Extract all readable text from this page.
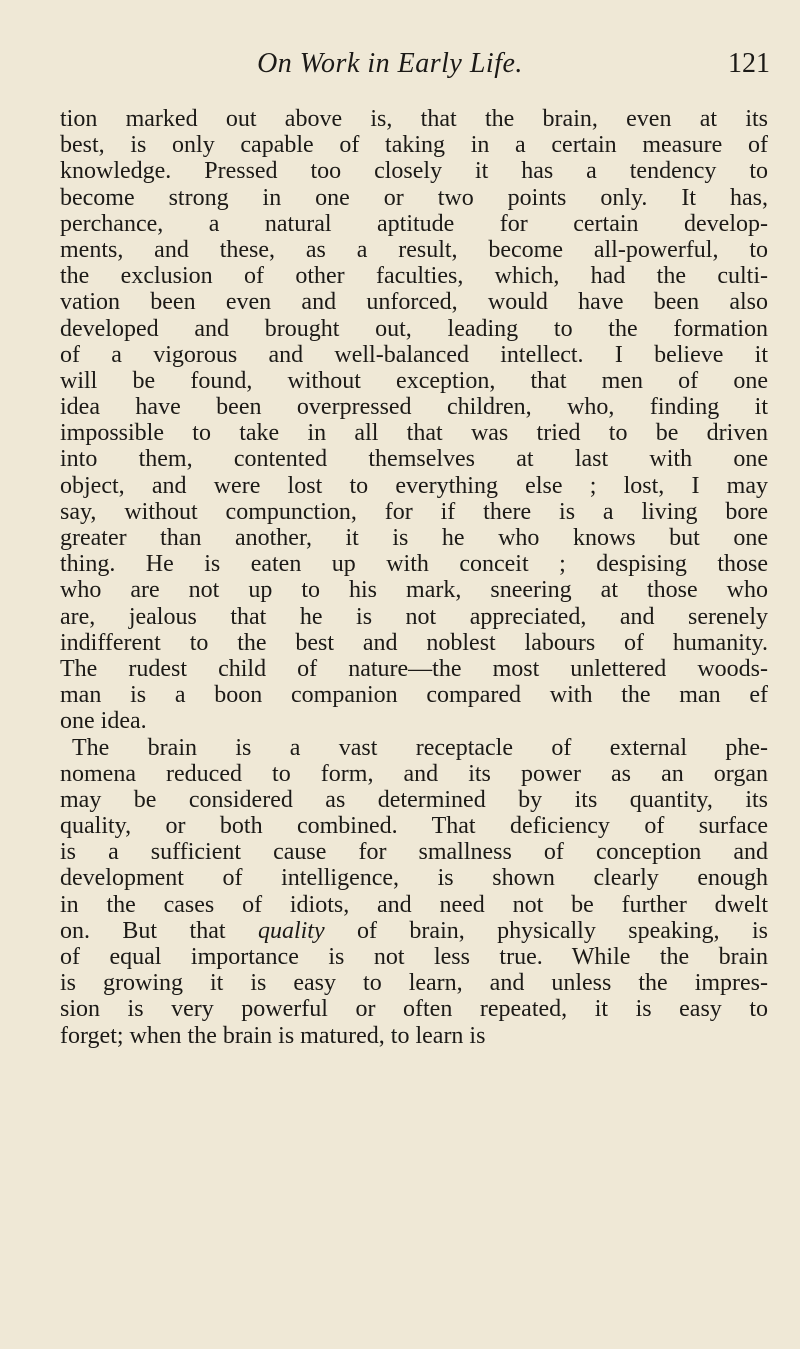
On Work in Early Life.	121
tion marked out above is, that the brain, even at its
best, is only capable of taking in a certain measure of
knowledge. Pressed too closely it has a tendency to
become strong in one or two points only. It has,
perchance, a natural aptitude for certain develop-
ments, and these, as a result, become all-powerful, to
the exclusion of other faculties, which, had the culti-
vation been even and unforced, would have been also
developed and brought out, leading to the formation
of a vigorous and well-balanced intellect. I believe it
will be found, without exception, that men of one
idea have been overpressed children, who, finding it
impossible to take in all that was tried to be driven
into them, contented themselves at last with one
object, and were lost to everything else ; lost, I may
say, without compunction, for if there is a living bore
greater than another, it is he who knows but one
thing. He is eaten up with conceit ; despising those
who are not up to his mark, sneering at those who
are, jealous that he is not appreciated, and serenely
indifferent to the best and noblest labours of humanity.
The rudest child of nature—the most unlettered woods-
man is a boon companion compared with the man ef
one idea.
The brain is a vast receptacle of external phe-
nomena reduced to form, and its power as an organ
may be considered as determined by its quantity, its
quality, or both combined. That deficiency of surface
is a sufficient cause for smallness of conception and
development of intelligence, is shown clearly enough
in the cases of idiots, and need not be further dwelt
on. But that quality of brain, physically speaking, is
of equal importance is not less true. While the brain
is growing it is easy to learn, and unless the impres-
sion is very powerful or often repeated, it is easy to
forget; when the brain is matured, to learn is
